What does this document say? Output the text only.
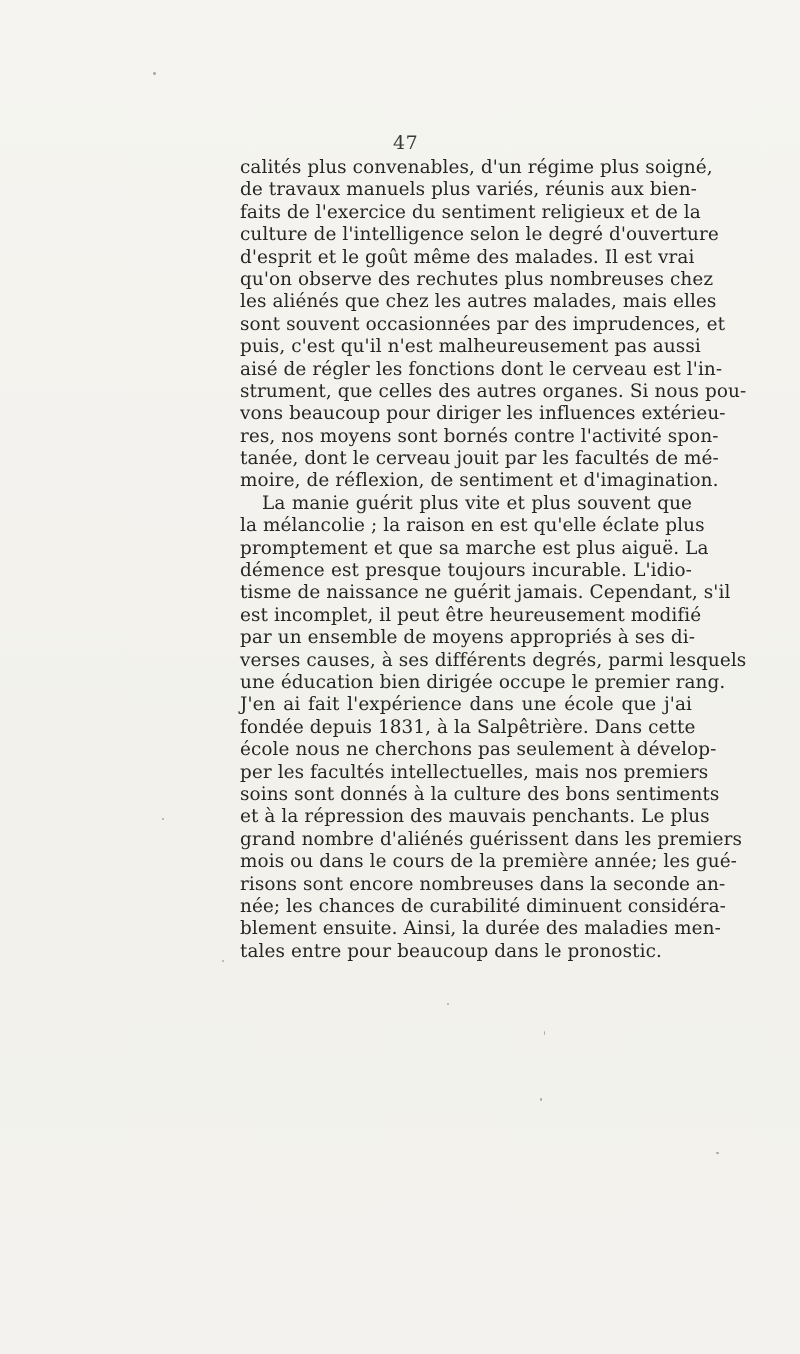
47
calités plus convenables, d'un régime plus soigné,
de travaux manuels plus variés, réunis aux bien-
faits de l'exercice du sentiment religieux et de la
culture de l'intelligence selon le degré d'ouverture
d'esprit et le goût même des malades. Il est vrai
qu'on observe des rechutes plus nombreuses chez
les aliénés que chez les autres malades, mais elles
sont souvent occasionnées par des imprudences, et
puis, c'est qu'il n'est malheureusement pas aussi
aisé de régler les fonctions dont le cerveau est l'in-
strument, que celles des autres organes. Si nous pou-
vons beaucoup pour diriger les influences extérieu-
res, nos moyens sont bornés contre l'activité spon-
tanée, dont le cerveau jouit par les facultés de mé-
moire, de réflexion, de sentiment et d'imagination.
La manie guérit plus vite et plus souvent que
la mélancolie ; la raison en est qu'elle éclate plus
promptement et que sa marche est plus aiguë. La
démence est presque toujours incurable. L'idio-
tisme de naissance ne guérit jamais. Cependant, s'il
est incomplet, il peut être heureusement modifié
par un ensemble de moyens appropriés à ses di-
verses causes, à ses différents degrés, parmi lesquels
une éducation bien dirigée occupe le premier rang.
J'en ai fait l'expérience dans une école que j'ai
fondée depuis 1831, à la Salpêtrière. Dans cette
école nous ne cherchons pas seulement à dévelop-
per les facultés intellectuelles, mais nos premiers
soins sont donnés à la culture des bons sentiments
et à la répression des mauvais penchants. Le plus
grand nombre d'aliénés guérissent dans les premiers
mois ou dans le cours de la première année; les gué-
risons sont encore nombreuses dans la seconde an-
née; les chances de curabilité diminuent considéra-
blement ensuite. Ainsi, la durée des maladies men-
tales entre pour beaucoup dans le pronostic.
